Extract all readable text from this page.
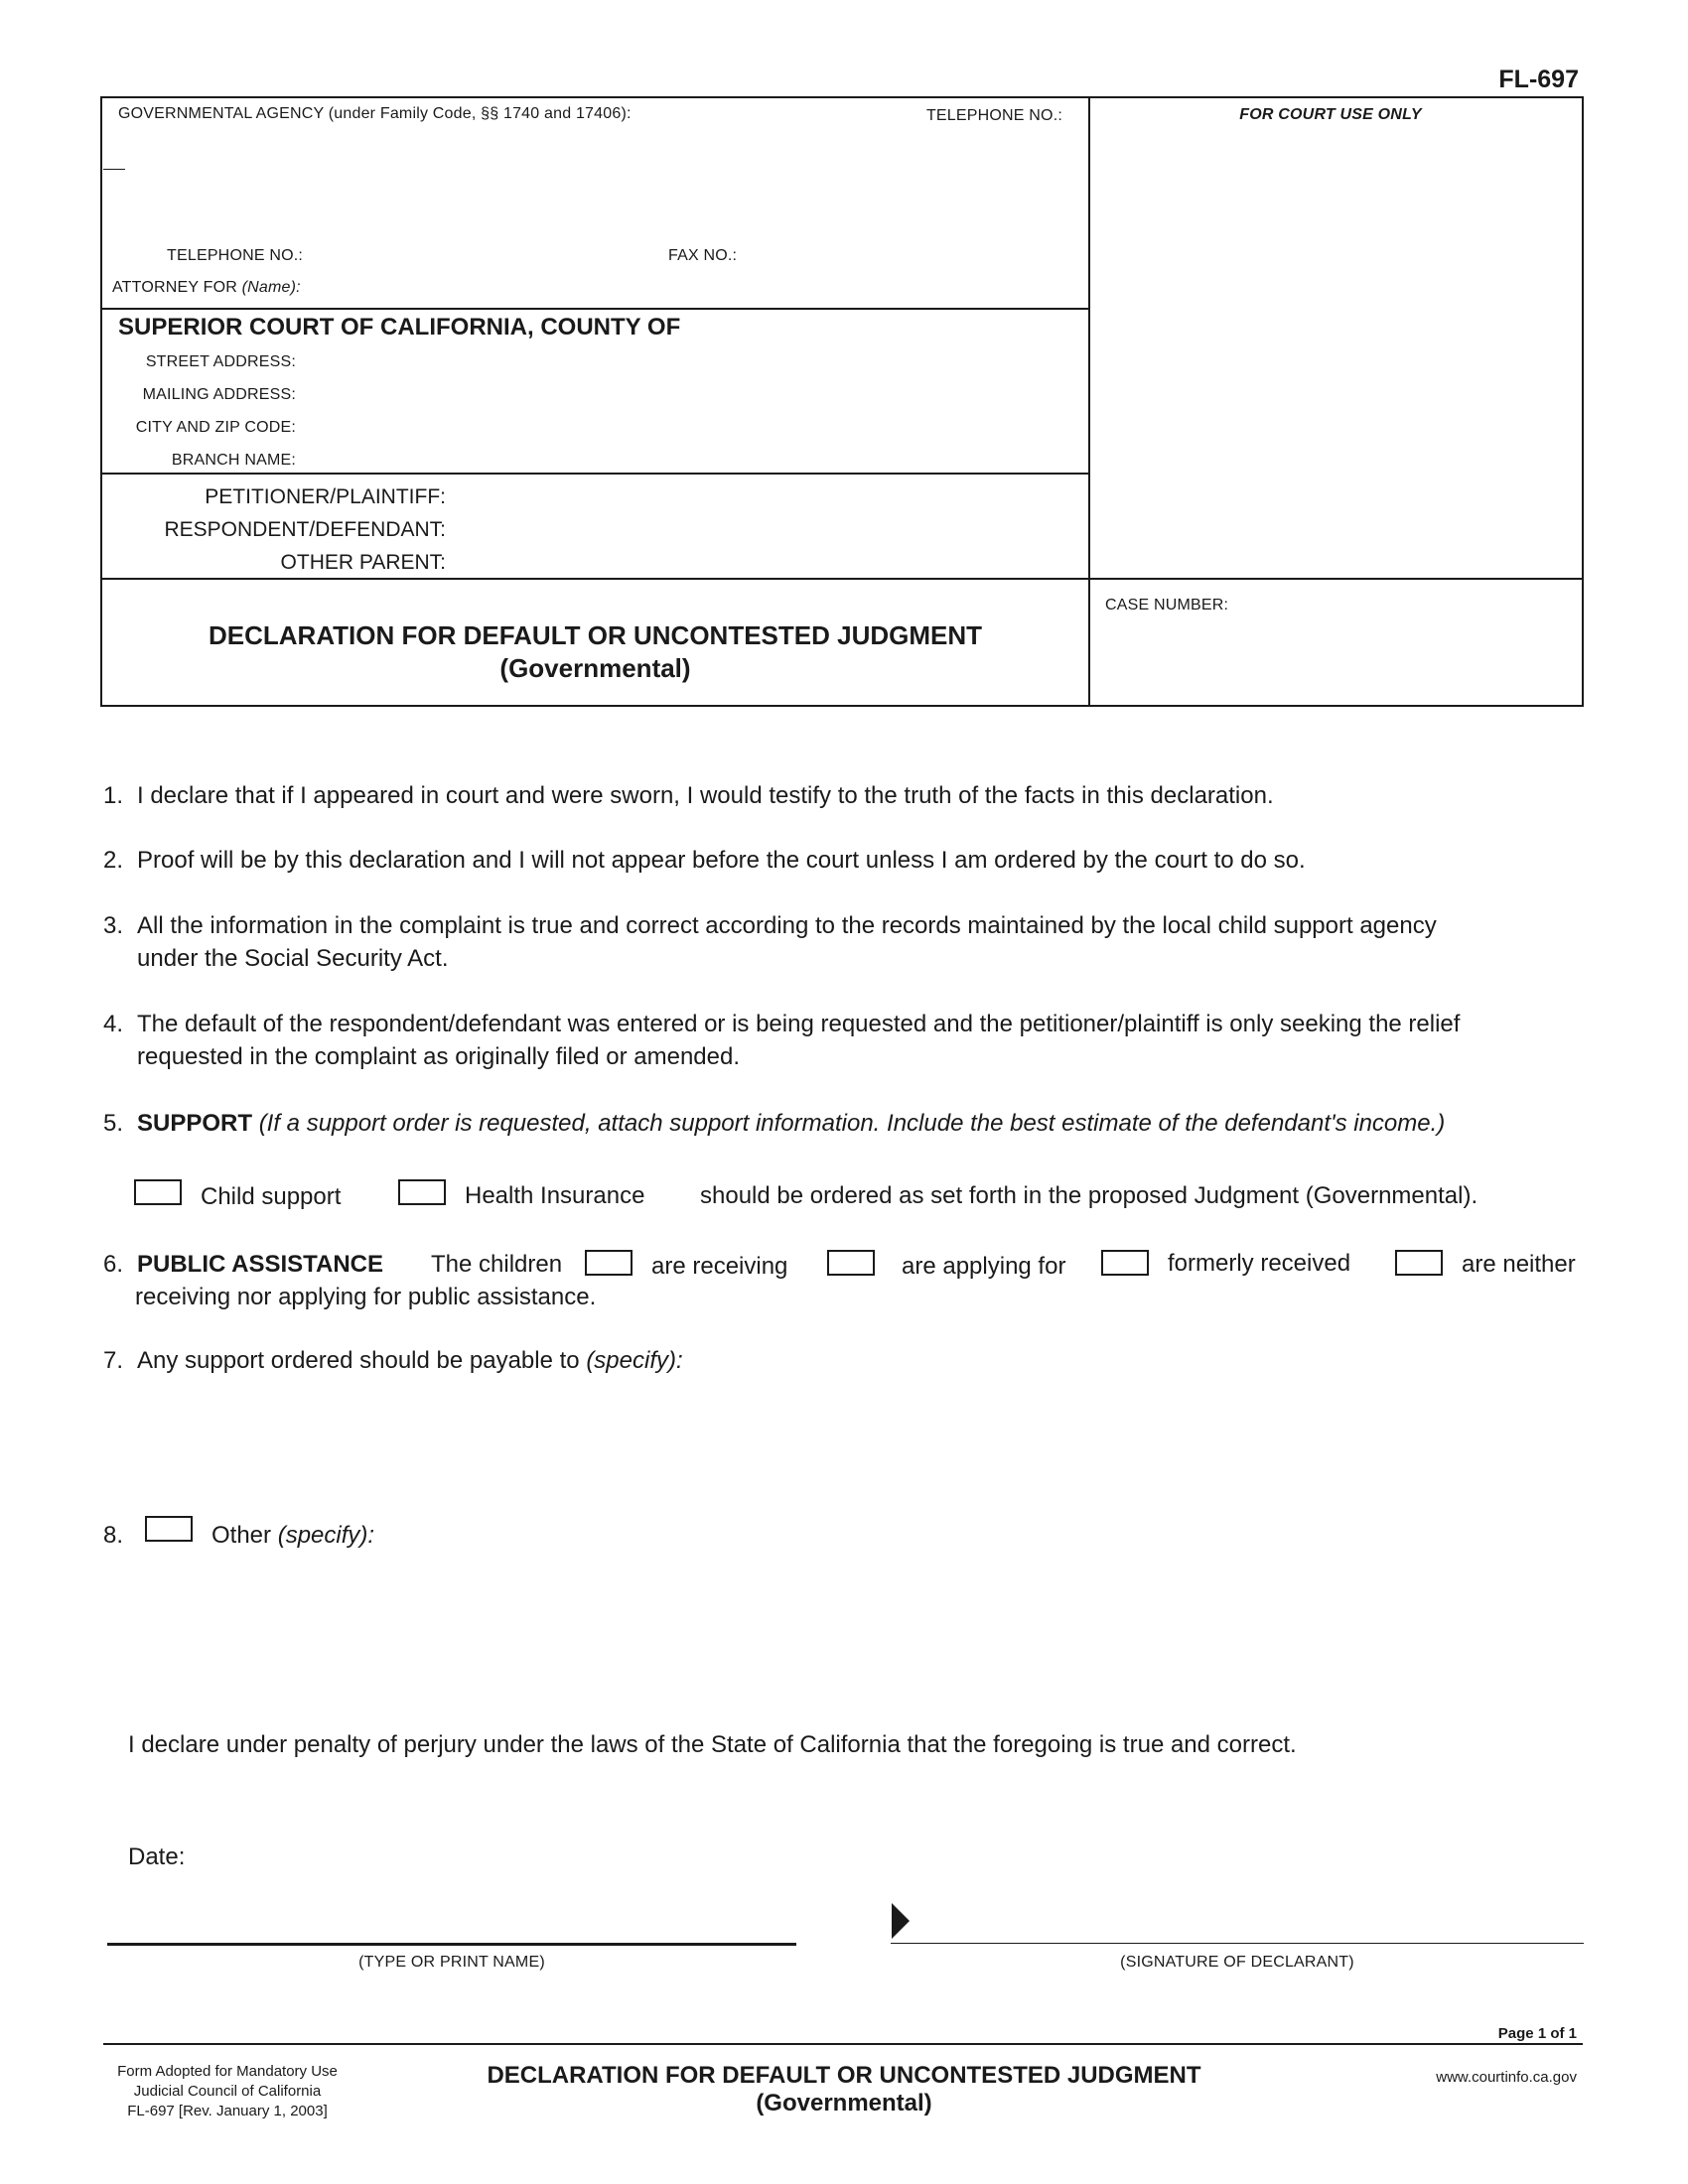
FL-697
GOVERNMENTAL AGENCY (under Family Code, §§ 1740 and 17406):	TELEPHONE NO.:	FOR COURT USE ONLY
TELEPHONE NO.:	FAX NO.:
ATTORNEY FOR (Name):
SUPERIOR COURT OF CALIFORNIA, COUNTY OF
STREET ADDRESS:
MAILING ADDRESS:
CITY AND ZIP CODE:
BRANCH NAME:
PETITIONER/PLAINTIFF:
RESPONDENT/DEFENDANT:
OTHER PARENT:
DECLARATION FOR DEFAULT OR UNCONTESTED JUDGMENT
(Governmental)
CASE NUMBER:
1. I declare that if I appeared in court and were sworn, I would testify to the truth of the facts in this declaration.
2. Proof will be by this declaration and I will not appear before the court unless I am ordered by the court to do so.
3. All the information in the complaint is true and correct according to the records maintained by the local child support agency
under the Social Security Act.
4. The default of the respondent/defendant was entered or is being requested and the petitioner/plaintiff is only seeking the relief
requested in the complaint as originally filed or amended.
5. SUPPORT (If a support order is requested, attach support information. Include the best estimate of the defendant's income.)
Child support	Health Insurance should be ordered as set forth in the proposed Judgment (Governmental).
6. PUBLIC ASSISTANCE The children	are receiving	are applying for	formerly received	are neither
receiving nor applying for public assistance.
7. Any support ordered should be payable to (specify):
8.	Other (specify):
I declare under penalty of perjury under the laws of the State of California that the foregoing is true and correct.
Date:
(TYPE OR PRINT NAME)	(SIGNATURE OF DECLARANT)
Page 1 of 1
Form Adopted for Mandatory Use
Judicial Council of California
FL-697 [Rev. January 1, 2003]
DECLARATION FOR DEFAULT OR UNCONTESTED JUDGMENT
(Governmental)
www.courtinfo.ca.gov
